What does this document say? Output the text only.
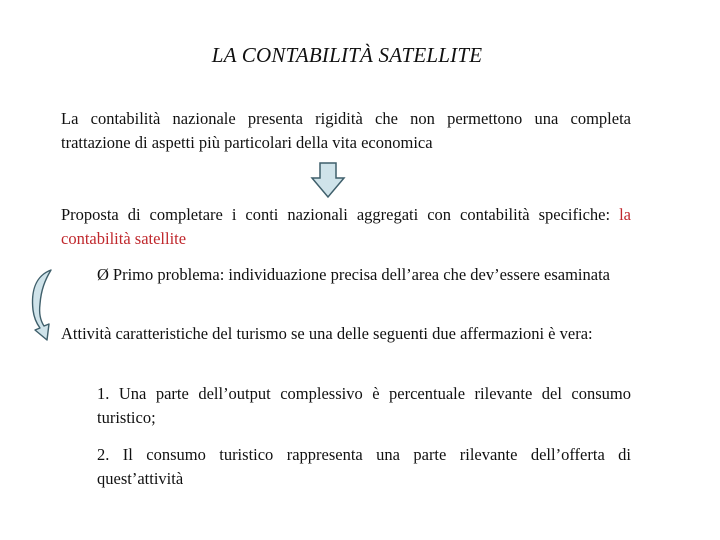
LA CONTABILITÀ SATELLITE
La contabilità nazionale presenta rigidità che non permettono una completa trattazione di aspetti più particolari della vita economica
Proposta di completare i conti nazionali aggregati con contabilità specifiche: la contabilità satellite
Ø Primo problema: individuazione precisa dell’area che dev’essere esaminata
Attività caratteristiche del turismo se una delle seguenti due affermazioni è vera:
1. Una parte dell’output complessivo è percentuale rilevante del consumo turistico;
2. Il consumo turistico rappresenta una parte rilevante dell’offerta di quest’attività
